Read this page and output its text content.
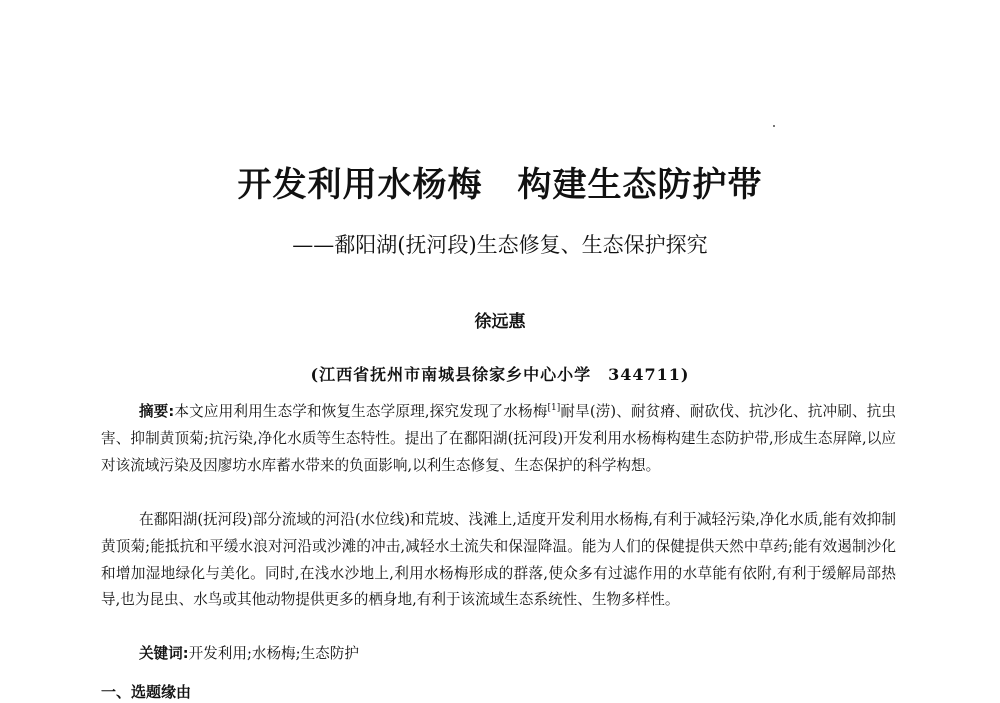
开发利用水杨梅　构建生态防护带
——鄱阳湖(抚河段)生态修复、生态保护探究
徐远惠
(江西省抚州市南城县徐家乡中心小学　344711)

摘要:本文应用利用生态学和恢复生态学原理,探究发现了水杨梅[1]耐旱(涝)、耐贫瘠、耐砍伐、抗沙化、抗冲刷、抗虫害、抑制黄顶菊;抗污染,净化水质等生态特性。提出了在鄱阳湖(抚河段)开发利用水杨梅构建生态防护带,形成生态屏障,以应对该流域污染及因廖坊水库蓄水带来的负面影响,以利生态修复、生态保护的科学构想。

在鄱阳湖(抚河段)部分流域的河沿(水位线)和荒坡、浅滩上,适度开发利用水杨梅,有利于减轻污染,净化水质,能有效抑制黄顶菊;能抵抗和平缓水浪对河沿或沙滩的冲击,减轻水土流失和保湿降温。能为人们的保健提供天然中草药;能有效遏制沙化和增加湿地绿化与美化。同时,在浅水沙地上,利用水杨梅形成的群落,使众多有过滤作用的水草能有依附,有利于缓解局部热导,也为昆虫、水鸟或其他动物提供更多的栖身地,有利于该流域生态系统性、生物多样性。

关键词:开发利用;水杨梅;生态防护

一、选题缘由
